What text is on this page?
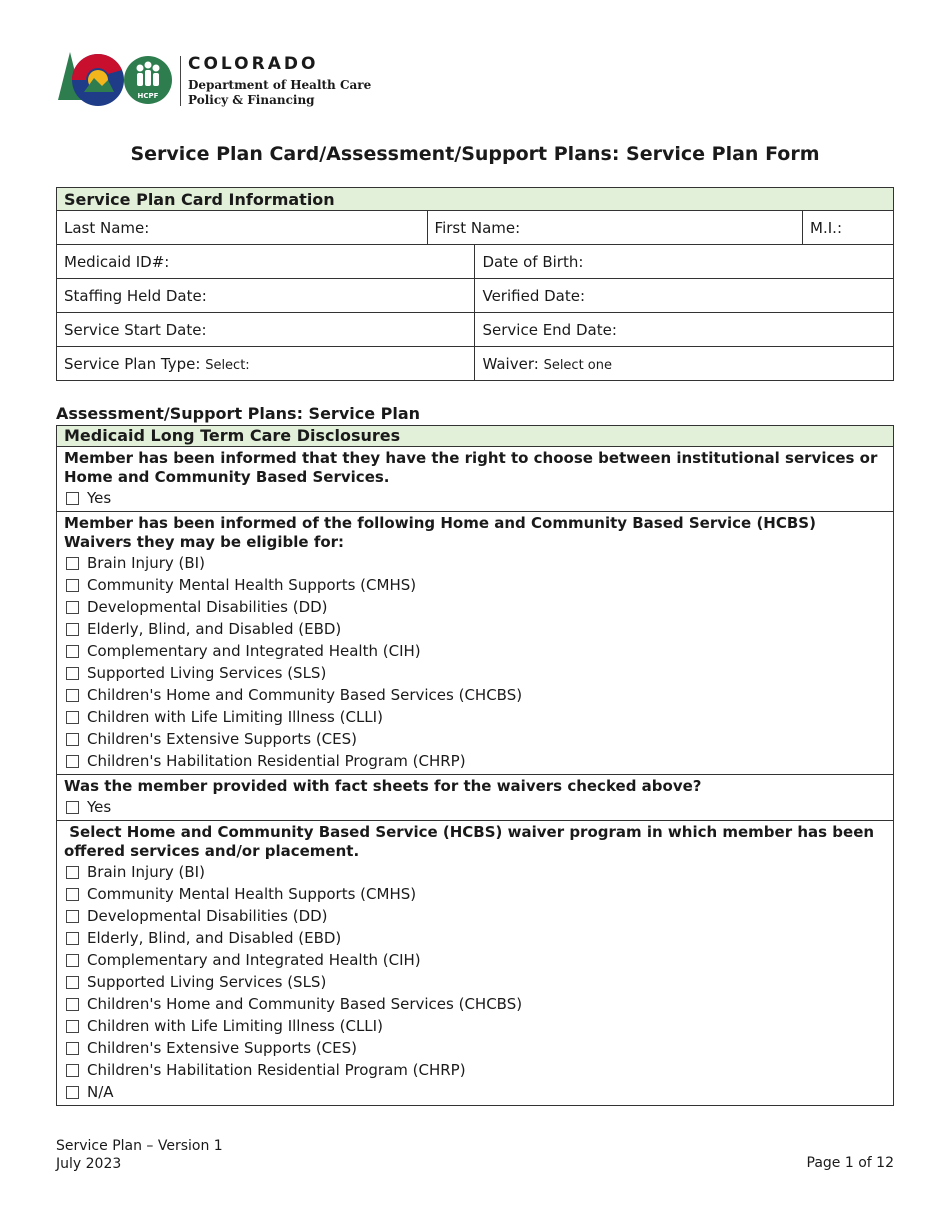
HCPF
COLORADO
Department of Health Care
Policy & Financing
Service Plan Card/Assessment/Support Plans: Service Plan Form
Service Plan Card Information			
Last Name:	First Name:		M.I.:
Medicaid ID#:		Date of Birth:	
Staffing Held Date:		Verified Date:	
Service Start Date:		Service End Date:	
Service Plan Type: Select:		Waiver: Select one	
Assessment/Support Plans: Service Plan
Medicaid Long Term Care Disclosures

Member has been informed that they have the right to choose between institutional services or Home and Community Based Services.
Yes

Member has been informed of the following Home and Community Based Service (HCBS) Waivers they may be eligible for:
Brain Injury (BI)
Community Mental Health Supports (CMHS)
Developmental Disabilities (DD)
Elderly, Blind, and Disabled (EBD)
Complementary and Integrated Health (CIH)
Supported Living Services (SLS)
Children's Home and Community Based Services (CHCBS)
Children with Life Limiting Illness (CLLI)
Children's Extensive Supports (CES)
Children's Habilitation Residential Program (CHRP)

Was the member provided with fact sheets for the waivers checked above?
Yes

Select Home and Community Based Service (HCBS) waiver program in which member has been offered services and/or placement.
Brain Injury (BI)
Community Mental Health Supports (CMHS)
Developmental Disabilities (DD)
Elderly, Blind, and Disabled (EBD)
Complementary and Integrated Health (CIH)
Supported Living Services (SLS)
Children's Home and Community Based Services (CHCBS)
Children with Life Limiting Illness (CLLI)
Children's Extensive Supports (CES)
Children's Habilitation Residential Program (CHRP)
N/A
Service Plan – Version 1
July 2023	Page 1 of 12
